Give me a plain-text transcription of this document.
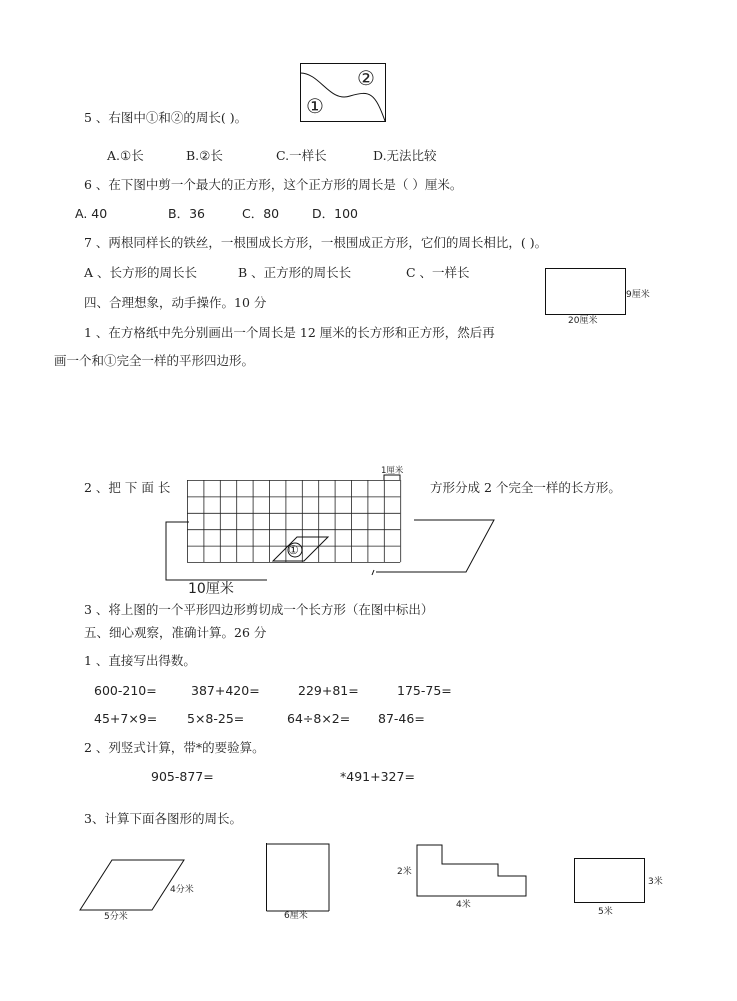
①
②
5 、右图中①和②的周长( )。
A.①长	B.②长	C.一样长	D.无法比较
6 、在下图中剪一个最大的正方形，这个正方形的周长是（ ）厘米。
A. 40	B．36	C．80	D．100
7 、两根同样长的铁丝，一根围成长方形，一根围成正方形，它们的周长相比，( )。
A 、长方形的周长长	B 、正方形的周长长	C 、一样长
9厘米
20厘米
四、合理想象，动手操作。10 分
1 、在方格纸中先分别画出一个周长是 12 厘米的长方形和正方形，然后再
画一个和①完全一样的平形四边形。
2 、把 下 面 长	方形分成 2 个完全一样的长方形。
1厘米
①
10厘米
3 、将上图的一个平形四边形剪切成一个长方形（在图中标出）
五、细心观察，准确计算。26 分
1 、直接写出得数。
600-210=	387+420=	229+81=	175-75=
45+7×9= 5×8-25=	64÷8×2= 87-46=
2 、列竖式计算，带*的要验算。
905-877=	*491+327=
3、计算下面各图形的周长。
4分米
5分米	6厘米
2米
4米
3米
5米
